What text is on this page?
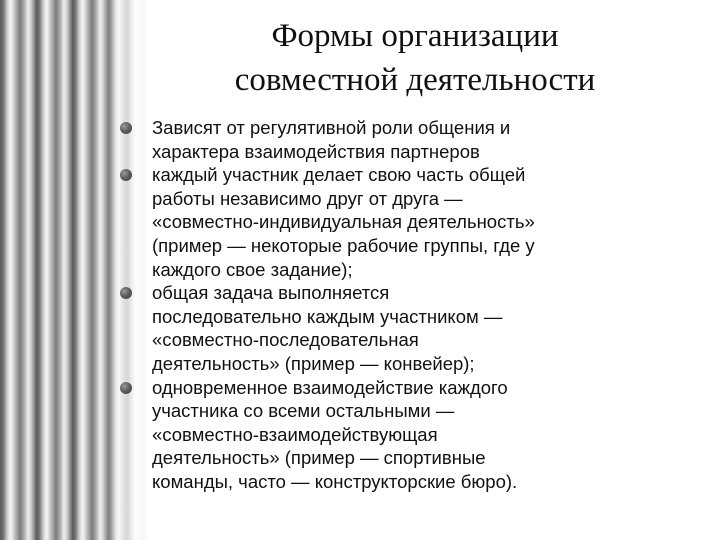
Формы организации
совместной деятельности
Зависят от регулятивной роли общения и
характера взаимодействия партнеров
каждый участник делает свою часть общей
работы независимо друг от друга —
«совместно-индивидуальная деятельность»
(пример — некоторые рабочие группы, где у
каждого свое задание);
общая задача выполняется
последовательно каждым участником —
«совместно-последовательная
деятельность» (пример — конвейер);
одновременное взаимодействие каждого
участника со всеми остальными —
«совместно-взаимодействующая
деятельность» (пример — спортивные
команды, часто — конструкторские бюро).
